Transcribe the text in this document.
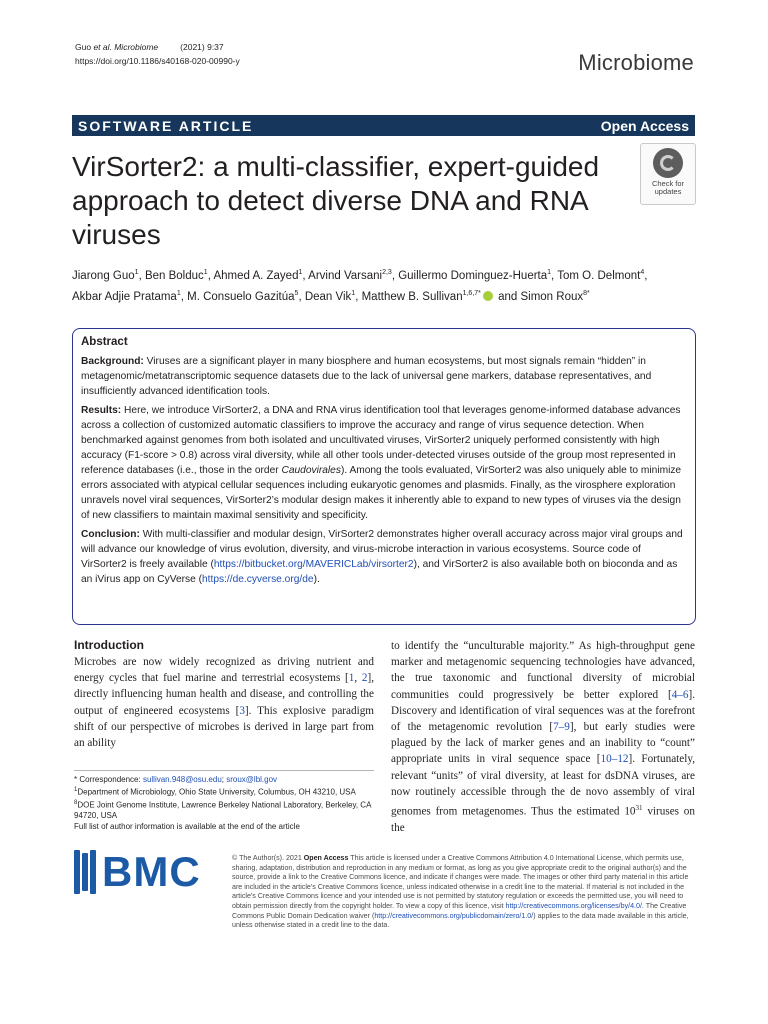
Guo et al. Microbiome	(2021) 9:37
https://doi.org/10.1186/s40168-020-00990-y	Microbiome
SOFTWARE ARTICLE	Open Access
VirSorter2: a multi-classifier, expert-guided approach to detect diverse DNA and RNA viruses
Check for
updates
Jiarong Guo$^1$, Ben Bolduc$^1$, Ahmed A. Zayed$^1$, Arvind Varsani$^{2,3}$, Guillermo Dominguez-Huerta$^1$, Tom O. Delmont$^4$,
Akbar Adjie Pratama$^1$, M. Consuelo Gazitúa$^5$, Dean Vik$^1$, Matthew B. Sullivan$^{1,6,7*}$ and Simon Roux$^{8*}$
Abstract

Background: Viruses are a significant player in many biosphere and human ecosystems, but most signals remain “hidden” in metagenomic/metatranscriptomic sequence datasets due to the lack of universal gene markers, database representatives, and insufficiently advanced identification tools.

Results: Here, we introduce VirSorter2, a DNA and RNA virus identification tool that leverages genome-informed database advances across a collection of customized automatic classifiers to improve the accuracy and range of virus sequence detection. When benchmarked against genomes from both isolated and uncultivated viruses, VirSorter2 uniquely performed consistently with high accuracy (F1-score > 0.8) across viral diversity, while all other tools under-detected viruses outside of the group most represented in reference databases (i.e., those in the order Caudovirales). Among the tools evaluated, VirSorter2 was also uniquely able to minimize errors associated with atypical cellular sequences including eukaryotic genomes and plasmids. Finally, as the virosphere exploration unravels novel viral sequences, VirSorter2’s modular design makes it inherently able to expand to new types of viruses via the design of new classifiers to maintain maximal sensitivity and specificity.

Conclusion: With multi-classifier and modular design, VirSorter2 demonstrates higher overall accuracy across major viral groups and will advance our knowledge of virus evolution, diversity, and virus-microbe interaction in various ecosystems. Source code of VirSorter2 is freely available (https://bitbucket.org/MAVERICLab/virsorter2), and VirSorter2 is also available both on bioconda and as an iVirus app on CyVerse (https://de.cyverse.org/de).

Introduction

Microbes are now widely recognized as driving nutrient and energy cycles that fuel marine and terrestrial ecosystems [1, 2], directly influencing human health and disease, and controlling the output of engineered ecosystems [3]. This explosive paradigm shift of our perspective of microbes is derived in large part from an ability

* Correspondence: sullivan.948@osu.edu; sroux@lbl.gov
$^1$Department of Microbiology, Ohio State University, Columbus, OH 43210, USA
$^8$DOE Joint Genome Institute, Lawrence Berkeley National Laboratory, Berkeley, CA 94720, USA
Full list of author information is available at the end of the article

to identify the “unculturable majority.” As high-throughput gene marker and metagenomic sequencing technologies have advanced, the true taxonomic and functional diversity of microbial communities could progressively be better explored [4–6]. Discovery and identification of viral sequences was at the forefront of the metagenomic revolution [7–9], but early studies were plagued by the lack of marker genes and an inability to “count” appropriate units in viral sequence space [10–12]. Fortunately, relevant “units” of viral diversity, at least for dsDNA viruses, are now routinely accessible through the de novo assembly of viral genomes from metagenomes. Thus the estimated $10^{31}$ viruses on the

BMC	© The Author(s). 2021 Open Access This article is licensed under a Creative Commons Attribution 4.0 International License, which permits use, sharing, adaptation, distribution and reproduction in any medium or format, as long as you give appropriate credit to the original author(s) and the source, provide a link to the Creative Commons licence, and indicate if changes were made. The images or other third party material in this article are included in the article's Creative Commons licence, unless indicated otherwise in a credit line to the material. If material is not included in the article's Creative Commons licence and your intended use is not permitted by statutory regulation or exceeds the permitted use, you will need to obtain permission directly from the copyright holder. To view a copy of this licence, visit http://creativecommons.org/licenses/by/4.0/. The Creative Commons Public Domain Dedication waiver (http://creativecommons.org/publicdomain/zero/1.0/) applies to the data made available in this article, unless otherwise stated in a credit line to the data.
